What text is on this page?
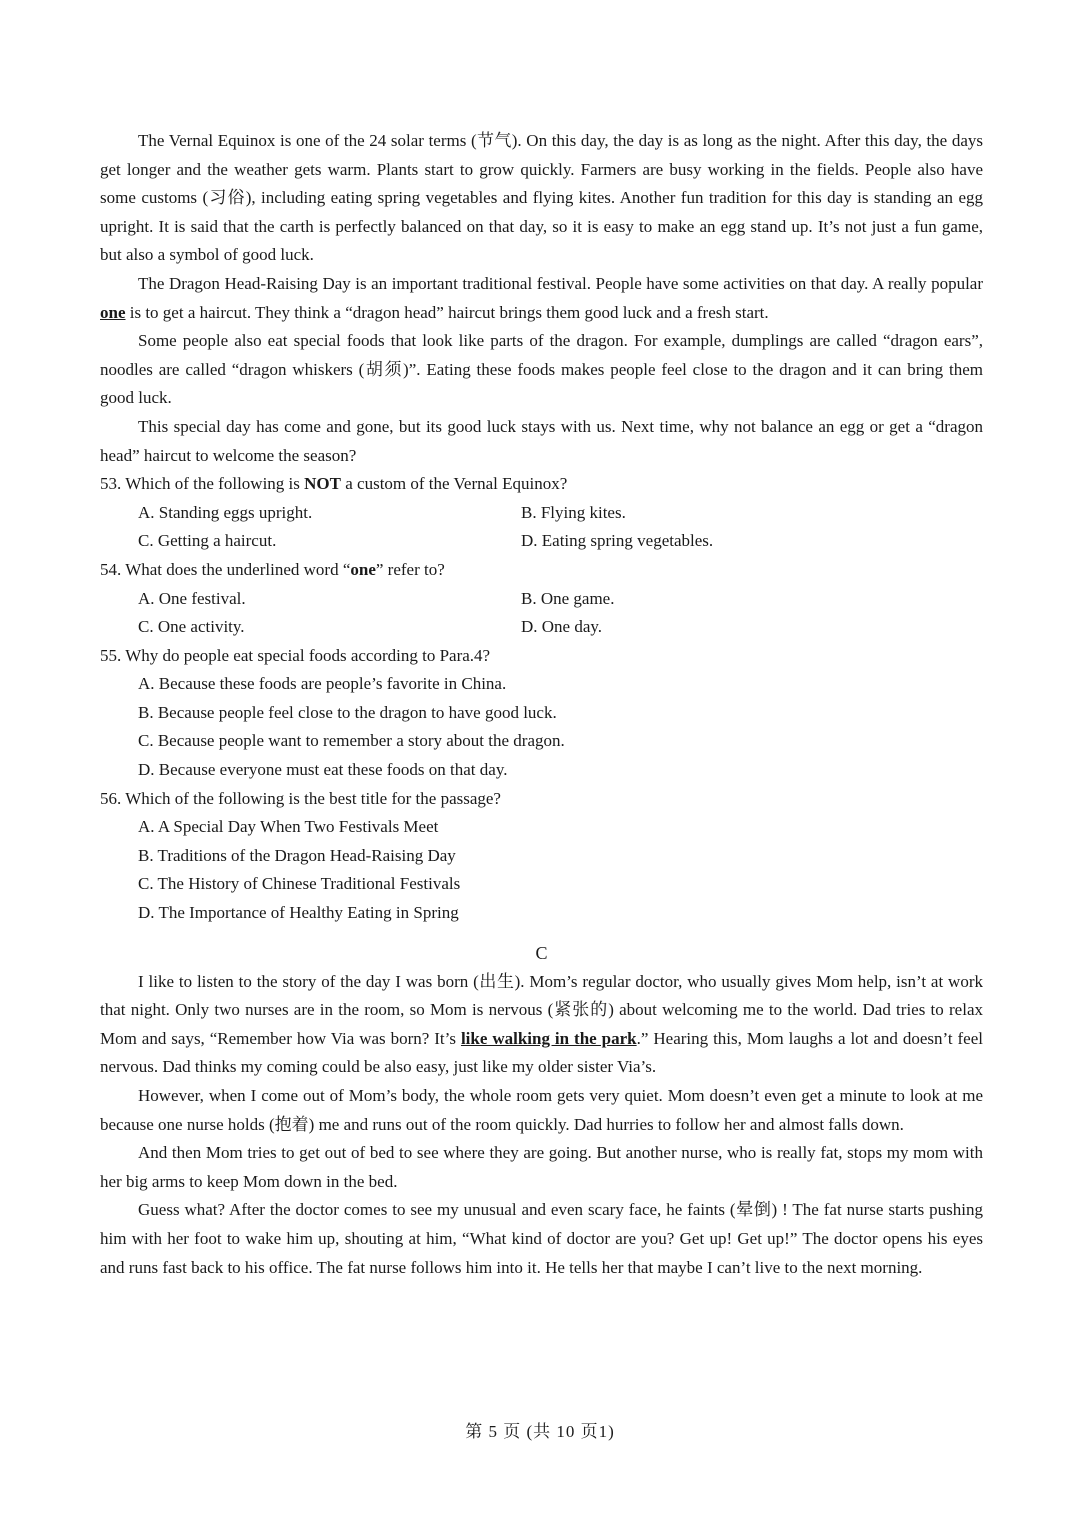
The Vernal Equinox is one of the 24 solar terms (节气). On this day, the day is as long as the night. After this day, the days get longer and the weather gets warm. Plants start to grow quickly. Farmers are busy working in the fields. People also have some customs (习俗), including eating spring vegetables and flying kites. Another fun tradition for this day is standing an egg upright. It is said that the carth is perfectly balanced on that day, so it is easy to make an egg stand up. It’s not just a fun game, but also a symbol of good luck.

The Dragon Head-Raising Day is an important traditional festival. People have some activities on that day. A really popular one is to get a haircut. They think a “dragon head” haircut brings them good luck and a fresh start.

Some people also eat special foods that look like parts of the dragon. For example, dumplings are called “dragon ears”, noodles are called “dragon whiskers (胡须)”. Eating these foods makes people feel close to the dragon and it can bring them good luck.

This special day has come and gone, but its good luck stays with us. Next time, why not balance an egg or get a “dragon head” haircut to welcome the season?

53. Which of the following is NOT a custom of the Vernal Equinox?
A. Standing eggs upright.	B. Flying kites.
C. Getting a haircut.	D. Eating spring vegetables.
54. What does the underlined word “one” refer to?
A. One festival.	B. One game.
C. One activity.	D. One day.
55. Why do people eat special foods according to Para.4?
A. Because these foods are people’s favorite in China.
B. Because people feel close to the dragon to have good luck.
C. Because people want to remember a story about the dragon.
D. Because everyone must eat these foods on that day.
56. Which of the following is the best title for the passage?
A. A Special Day When Two Festivals Meet
B. Traditions of the Dragon Head-Raising Day
C. The History of Chinese Traditional Festivals
D. The Importance of Healthy Eating in Spring
C

I like to listen to the story of the day I was born (出生). Mom’s regular doctor, who usually gives Mom help, isn’t at work that night. Only two nurses are in the room, so Mom is nervous (紧张的) about welcoming me to the world. Dad tries to relax Mom and says, “Remember how Via was born? It’s like walking in the park.” Hearing this, Mom laughs a lot and doesn’t feel nervous. Dad thinks my coming could be also easy, just like my older sister Via’s.

However, when I come out of Mom’s body, the whole room gets very quiet. Mom doesn’t even get a minute to look at me because one nurse holds (抱着) me and runs out of the room quickly. Dad hurries to follow her and almost falls down.

And then Mom tries to get out of bed to see where they are going. But another nurse, who is really fat, stops my mom with her big arms to keep Mom down in the bed.

Guess what? After the doctor comes to see my unusual and even scary face, he faints (晕倒) ! The fat nurse starts pushing him with her foot to wake him up, shouting at him, “What kind of doctor are you? Get up! Get up!” The doctor opens his eyes and runs fast back to his office. The fat nurse follows him into it. He tells her that maybe I can’t live to the next morning.

第 5 页 (共 10 页1)
